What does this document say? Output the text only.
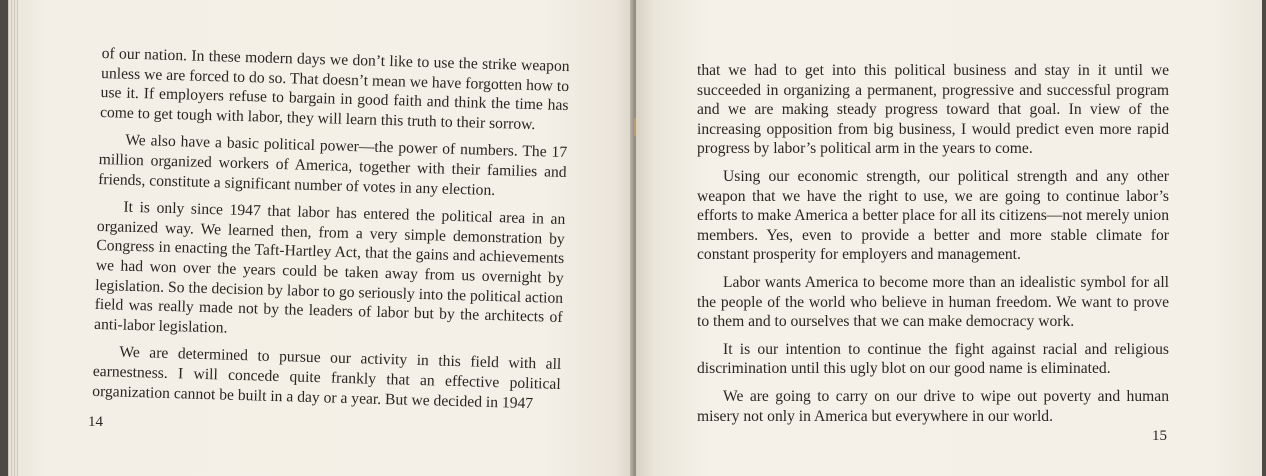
of our nation. In these modern days we don’t like to use the strike weapon unless we are forced to do so. That doesn’t mean we have forgotten how to use it. If employers refuse to bargain in good faith and think the time has come to get tough with labor, they will learn this truth to their sorrow.

We also have a basic political power—the power of numbers. The 17 million organized workers of America, together with their families and friends, constitute a significant number of votes in any election.

It is only since 1947 that labor has entered the political area in an organized way. We learned then, from a very simple demonstration by Congress in enacting the Taft-Hartley Act, that the gains and achievements we had won over the years could be taken away from us overnight by legislation. So the decision by labor to go seriously into the political action field was really made not by the leaders of labor but by the architects of anti-labor legislation.

We are determined to pursue our activity in this field with all earnestness. I will concede quite frankly that an effective political organization cannot be built in a day or a year. But we decided in 1947

14

that we had to get into this political business and stay in it until we succeeded in organizing a permanent, progressive and successful program and we are making steady progress toward that goal. In view of the increasing opposition from big business, I would predict even more rapid progress by labor’s political arm in the years to come.

Using our economic strength, our political strength and any other weapon that we have the right to use, we are going to continue labor’s efforts to make America a better place for all its citizens—not merely union members. Yes, even to provide a better and more stable climate for constant prosperity for employers and management.

Labor wants America to become more than an idealistic symbol for all the people of the world who believe in human freedom. We want to prove to them and to ourselves that we can make democracy work.

It is our intention to continue the fight against racial and religious discrimination until this ugly blot on our good name is eliminated.

We are going to carry on our drive to wipe out poverty and human misery not only in America but everywhere in our world.

15
